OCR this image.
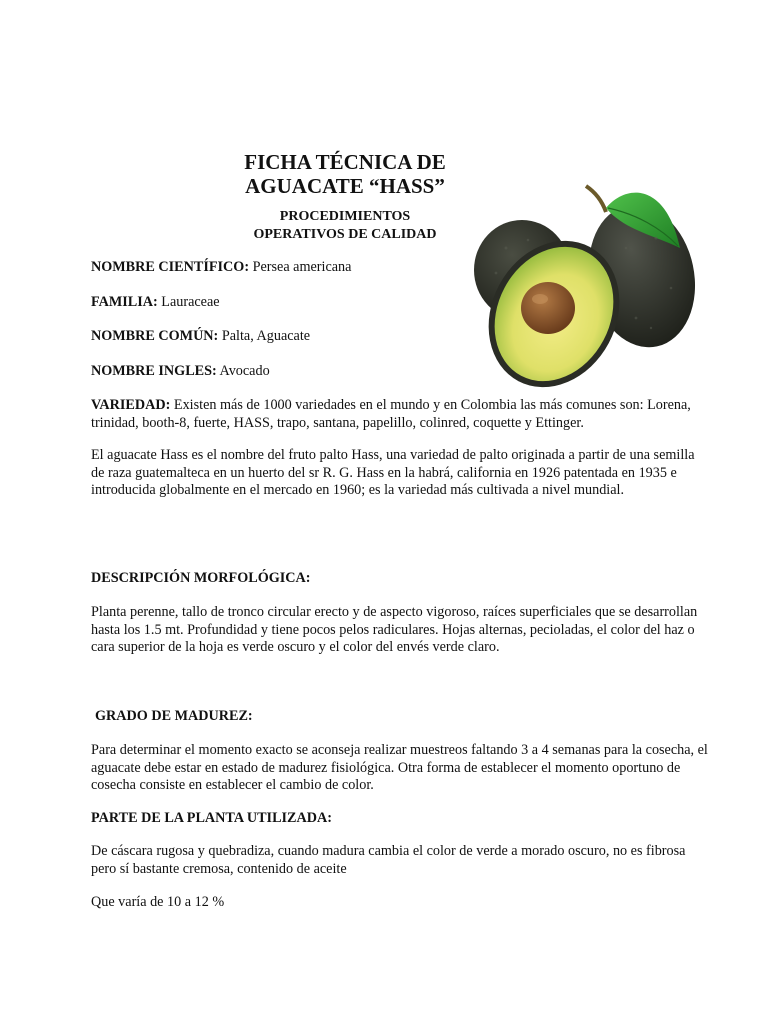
FICHA TÉCNICA DE

AGUACATE “HASS”

PROCEDIMIENTOS

OPERATIVOS DE CALIDAD

NOMBRE CIENTÍFICO: Persea americana

FAMILIA: Lauraceae

NOMBRE COMÚN: Palta, Aguacate

NOMBRE INGLES: Avocado

VARIEDAD: Existen más de 1000 variedades en el mundo y en Colombia las más comunes son: Lorena, trinidad, booth-8, fuerte, HASS, trapo, santana, papelillo, colinred, coquette y Ettinger.

El aguacate Hass es el nombre del fruto palto Hass, una variedad de palto originada a partir de una semilla de raza guatemalteca en un huerto del sr R. G. Hass en la habrá, california en 1926 patentada en 1935 e introducida globalmente en el mercado en 1960; es la variedad más cultivada a nivel mundial.

DESCRIPCIÓN MORFOLÓGICA:

Planta perenne, tallo de tronco circular erecto y de aspecto vigoroso, raíces superficiales que se desarrollan hasta los 1.5 mt. Profundidad y tiene pocos pelos radiculares. Hojas alternas, pecioladas, el color del haz o cara superior de la hoja es verde oscuro y el color del envés verde claro.

GRADO DE MADUREZ:

Para determinar el momento exacto se aconseja realizar muestreos faltando 3 a 4 semanas para la cosecha, el aguacate debe estar en estado de madurez fisiológica. Otra forma de establecer el momento oportuno de cosecha consiste en establecer el cambio de color.

PARTE DE LA PLANTA UTILIZADA:

De cáscara rugosa y quebradiza, cuando madura cambia el color de verde a morado oscuro, no es fibrosa pero sí bastante cremosa, contenido de aceite

Que varía de 10 a 12 %
